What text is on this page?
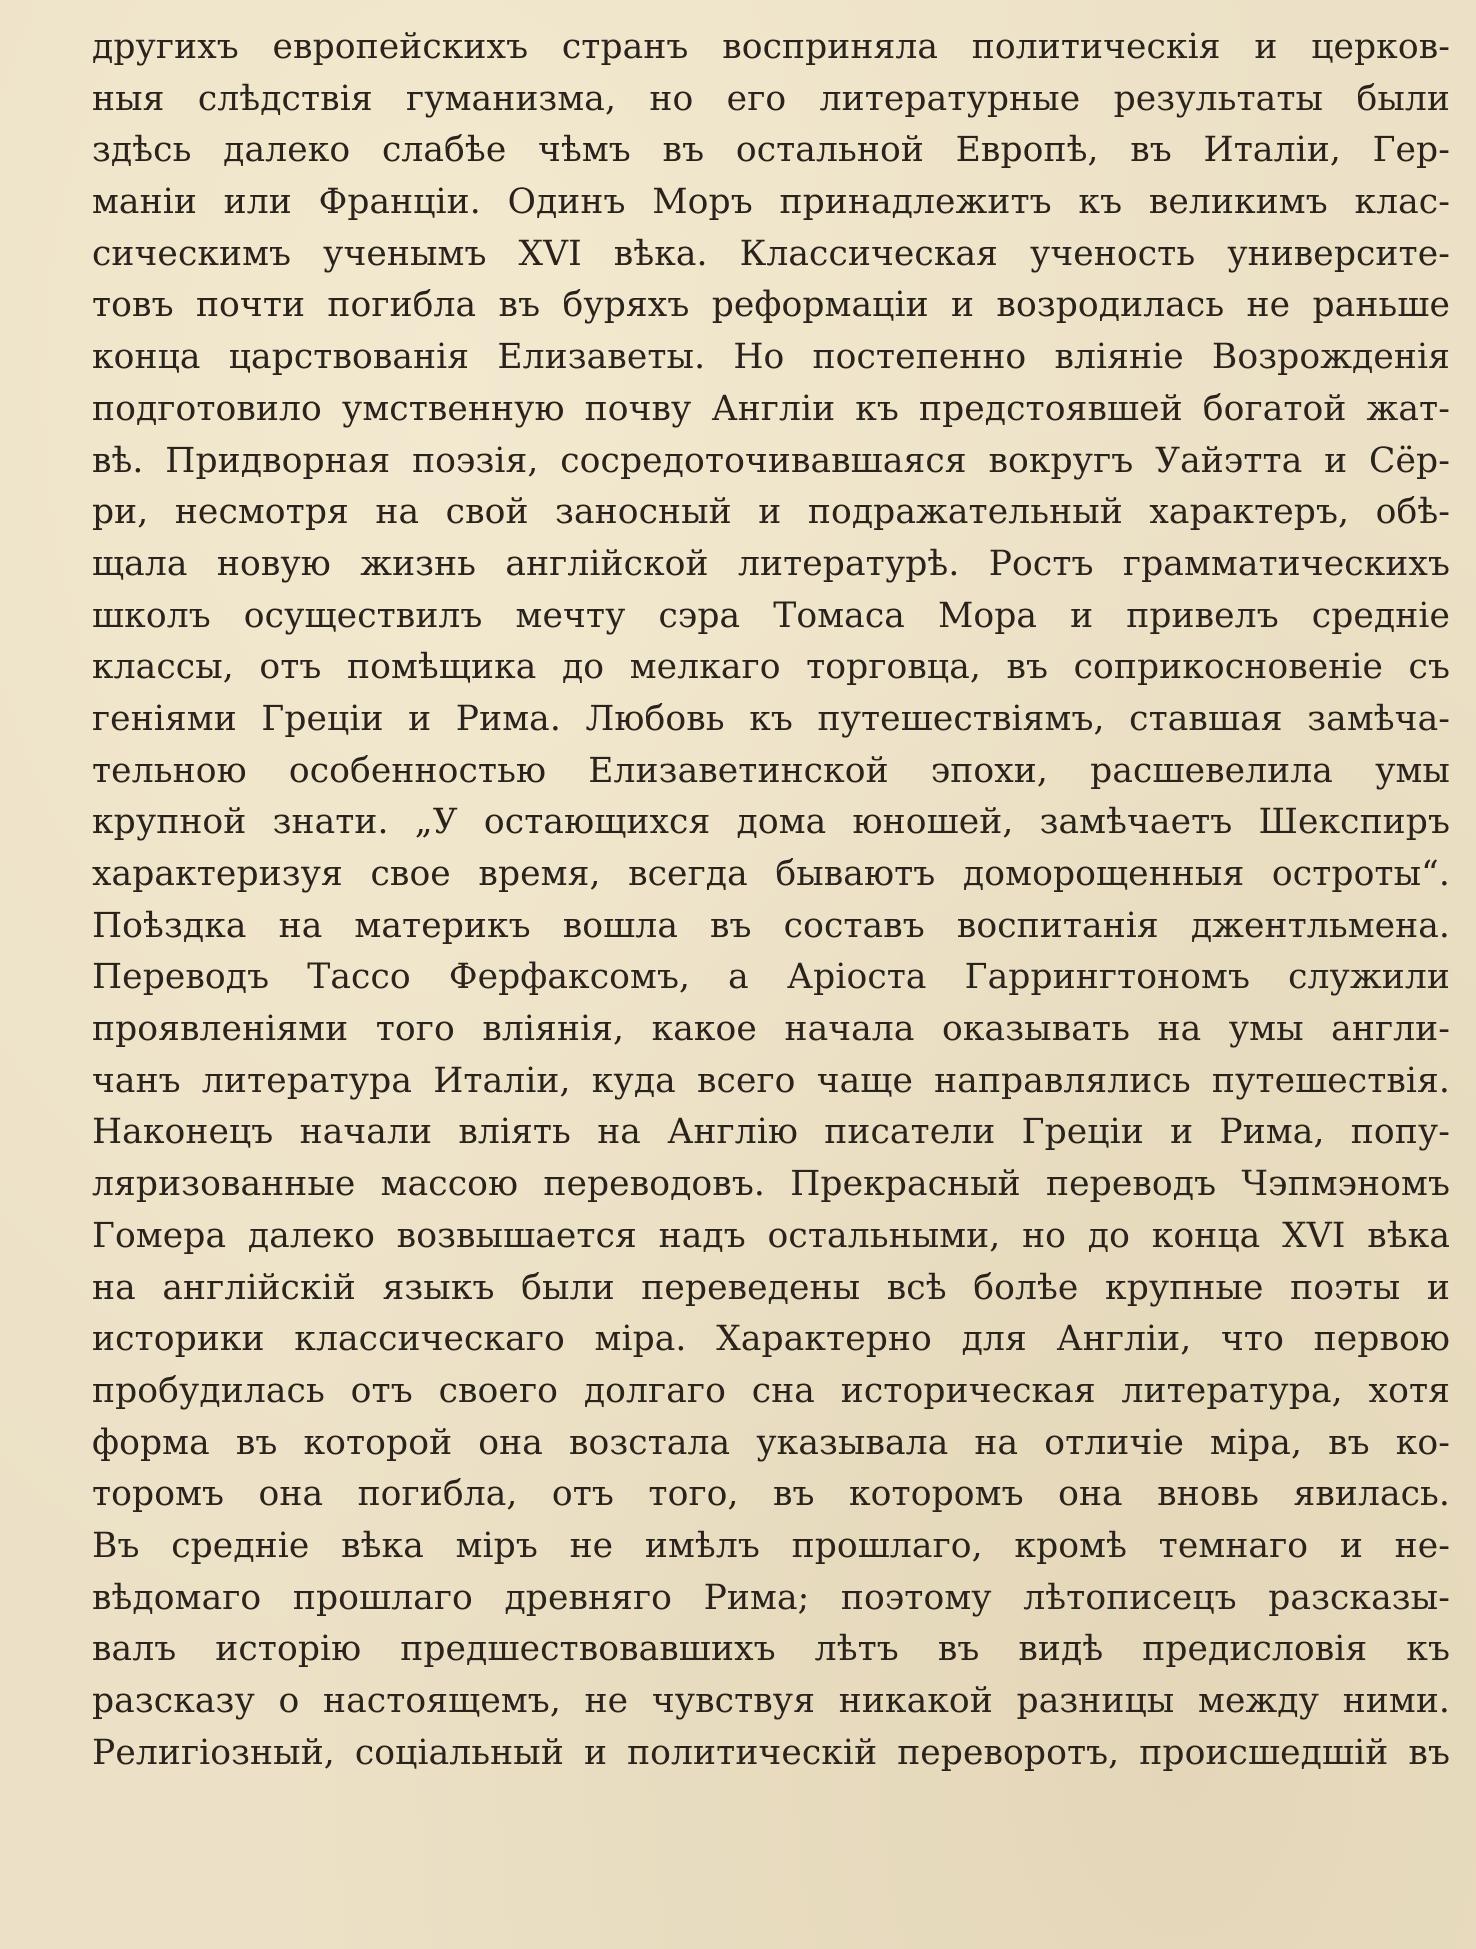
другихъ европейскихъ странъ восприняла политическія и церков-
ныя слѣдствія гуманизма, но его литературные результаты были
здѣсь далеко слабѣе чѣмъ въ остальной Европѣ, въ Италіи, Гер-
маніи или Франціи. Одинъ Моръ принадлежитъ къ великимъ клас-
сическимъ ученымъ XVI вѣка. Классическая ученость университе-
товъ почти погибла въ буряхъ реформаціи и возродилась не раньше
конца царствованія Елизаветы. Но постепенно вліяніе Возрожденія
подготовило умственную почву Англіи къ предстоявшей богатой жат-
вѣ. Придворная поэзія, сосредоточивавшаяся вокругъ Уайэтта и Сёр-
ри, несмотря на свой заносный и подражательный характеръ, обѣ-
щала новую жизнь англійской литературѣ. Ростъ грамматическихъ
школъ осуществилъ мечту сэра Томаса Мора и привелъ средніе
классы, отъ помѣщика до мелкаго торговца, въ соприкосновеніе съ
геніями Греціи и Рима. Любовь къ путешествіямъ, ставшая замѣча-
тельною особенностью Елизаветинской эпохи, расшевелила умы
крупной знати. „У остающихся дома юношей, замѣчаетъ Шекспиръ
характеризуя свое время, всегда бываютъ доморощенныя остроты“.
Поѣздка на материкъ вошла въ составъ воспитанія джентльмена.
Переводъ Тассо Ферфаксомъ, а Аріоста Гаррингтономъ служили
проявленіями того вліянія, какое начала оказывать на умы англи-
чанъ литература Италіи, куда всего чаще направлялись путешествія.
Наконецъ начали вліять на Англію писатели Греціи и Рима, попу-
ляризованные массою переводовъ. Прекрасный переводъ Чэпмэномъ
Гомера далеко возвышается надъ остальными, но до конца XVI вѣка
на англійскій языкъ были переведены всѣ болѣе крупные поэты и
историки классическаго міра. Характерно для Англіи, что первою
пробудилась отъ своего долгаго сна историческая литература, хотя
форма въ которой она возстала указывала на отличіе міра, въ ко-
торомъ она погибла, отъ того, въ которомъ она вновь явилась.
Въ средніе вѣка міръ не имѣлъ прошлаго, кромѣ темнаго и не-
вѣдомаго прошлаго древняго Рима; поэтому лѣтописецъ разсказы-
валъ исторію предшествовавшихъ лѣтъ въ видѣ предисловія къ
разсказу о настоящемъ, не чувствуя никакой разницы между ними.
Религіозный, соціальный и политическій переворотъ, происшедшій въ
